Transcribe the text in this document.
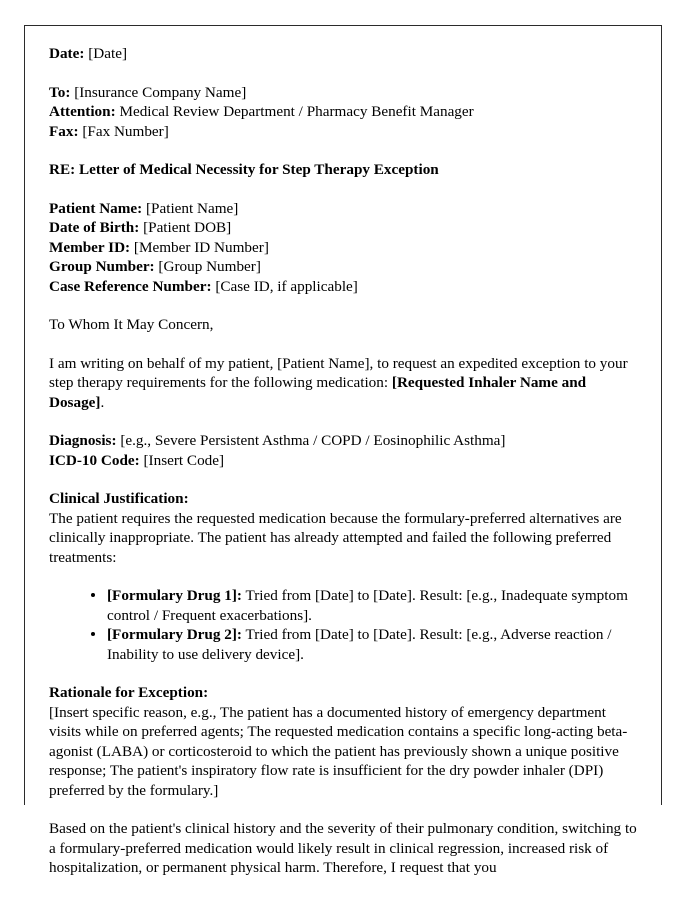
Date: [Date]
To: [Insurance Company Name]
Attention: Medical Review Department / Pharmacy Benefit Manager
Fax: [Fax Number]
RE: Letter of Medical Necessity for Step Therapy Exception
Patient Name: [Patient Name]
Date of Birth: [Patient DOB]
Member ID: [Member ID Number]
Group Number: [Group Number]
Case Reference Number: [Case ID, if applicable]
To Whom It May Concern,

I am writing on behalf of my patient, [Patient Name], to request an expedited exception to your step therapy requirements for the following medication: [Requested Inhaler Name and Dosage].

Diagnosis: [e.g., Severe Persistent Asthma / COPD / Eosinophilic Asthma]
ICD-10 Code: [Insert Code]
Clinical Justification:

The patient requires the requested medication because the formulary-preferred alternatives are clinically inappropriate. The patient has already attempted and failed the following preferred treatments:

[Formulary Drug 1]: Tried from [Date] to [Date]. Result: [e.g., Inadequate symptom control / Frequent exacerbations].
[Formulary Drug 2]: Tried from [Date] to [Date]. Result: [e.g., Adverse reaction / Inability to use delivery device].
Rationale for Exception:

[Insert specific reason, e.g., The patient has a documented history of emergency department visits while on preferred agents; The requested medication contains a specific long-acting beta-agonist (LABA) or corticosteroid to which the patient has previously shown a unique positive response; The patient's inspiratory flow rate is insufficient for the dry powder inhaler (DPI) preferred by the formulary.]

Based on the patient's clinical history and the severity of their pulmonary condition, switching to a formulary-preferred medication would likely result in clinical regression, increased risk of hospitalization, or permanent physical harm. Therefore, I request that you
